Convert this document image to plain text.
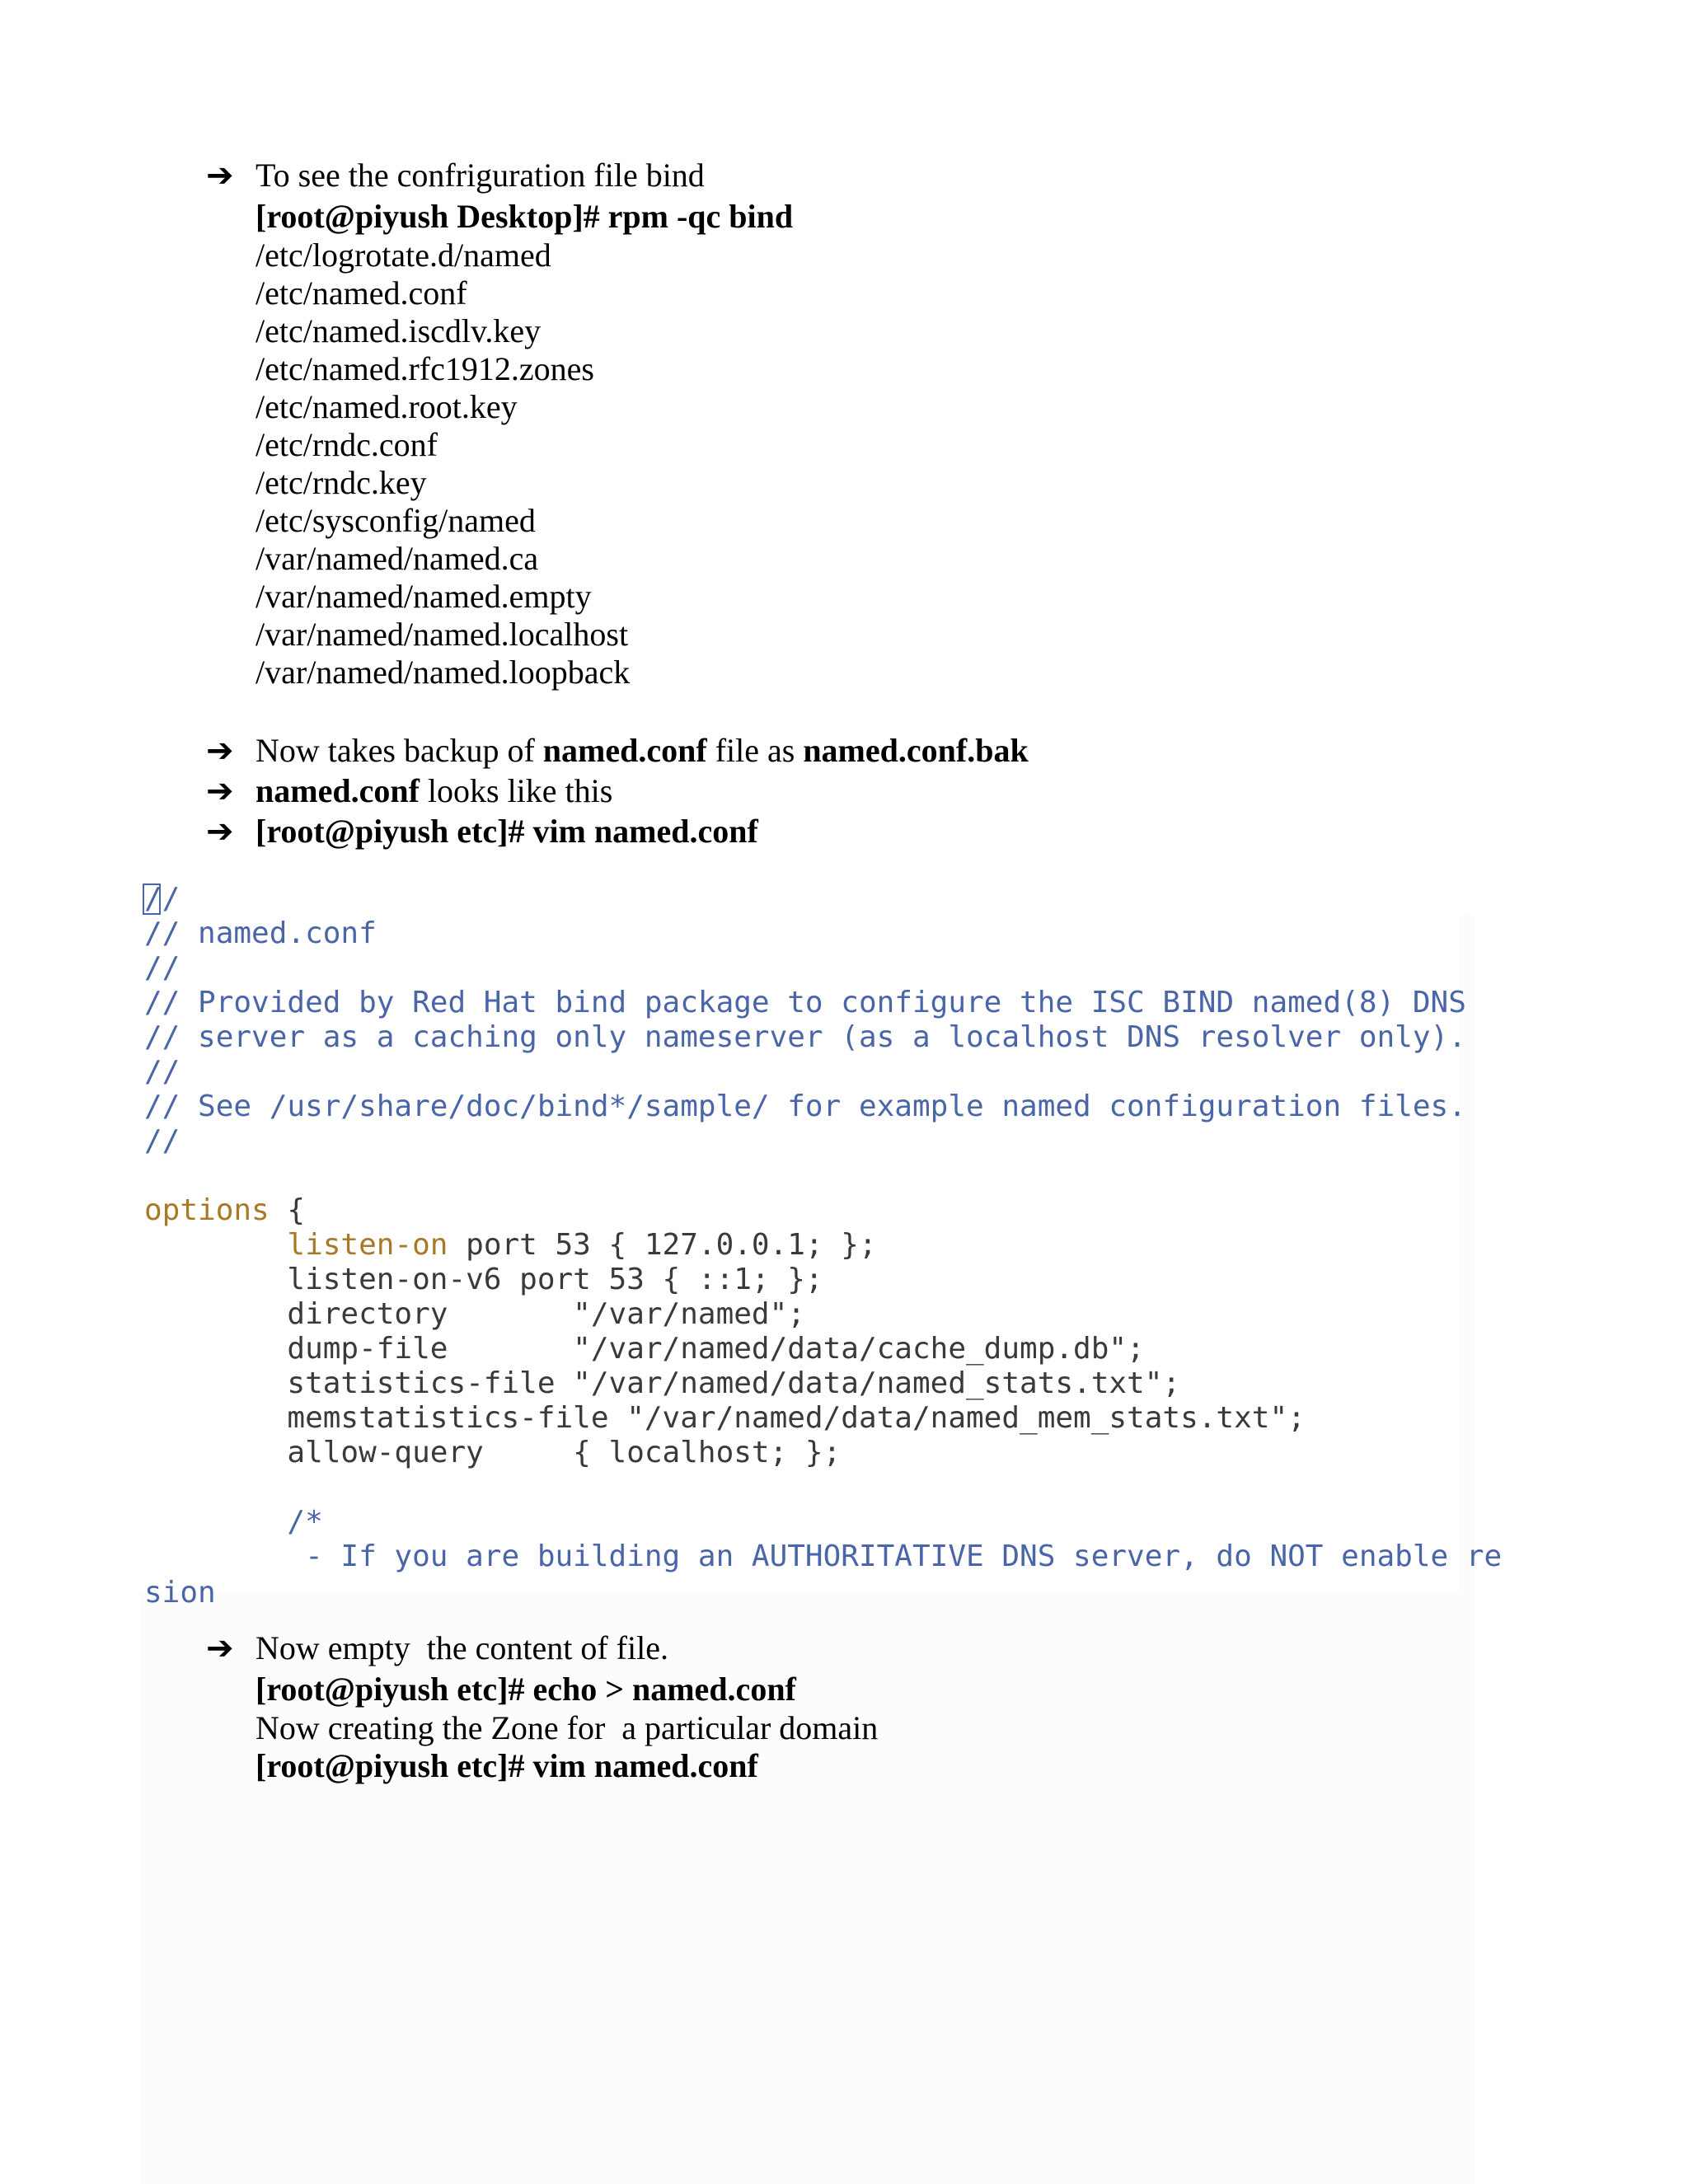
➔ To see the confriguration file bind
[root@piyush Desktop]# rpm -qc bind
/etc/logrotate.d/named
/etc/named.conf
/etc/named.iscdlv.key
/etc/named.rfc1912.zones
/etc/named.root.key
/etc/rndc.conf
/etc/rndc.key
/etc/sysconfig/named
/var/named/named.ca
/var/named/named.empty
/var/named/named.localhost
/var/named/named.loopback
➔ Now takes backup of named.conf file as named.conf.bak
➔ named.conf looks like this
➔ [root@piyush etc]# vim named.conf
//
// named.conf
//
// Provided by Red Hat bind package to configure the ISC BIND named(8) DNS
// server as a caching only nameserver (as a localhost DNS resolver only).
//
// See /usr/share/doc/bind*/sample/ for example named configuration files.
//
options {
listen-on port 53 { 127.0.0.1; };
listen-on-v6 port 53 { ::1; };
directory       "/var/named";
dump-file       "/var/named/data/cache_dump.db";
statistics-file "/var/named/data/named_stats.txt";
memstatistics-file "/var/named/data/named_mem_stats.txt";
allow-query     { localhost; };
/*
- If you are building an AUTHORITATIVE DNS server, do NOT enable re
sion
➔ Now empty  the content of file.
[root@piyush etc]# echo > named.conf
Now creating the Zone for  a particular domain
[root@piyush etc]# vim named.conf
